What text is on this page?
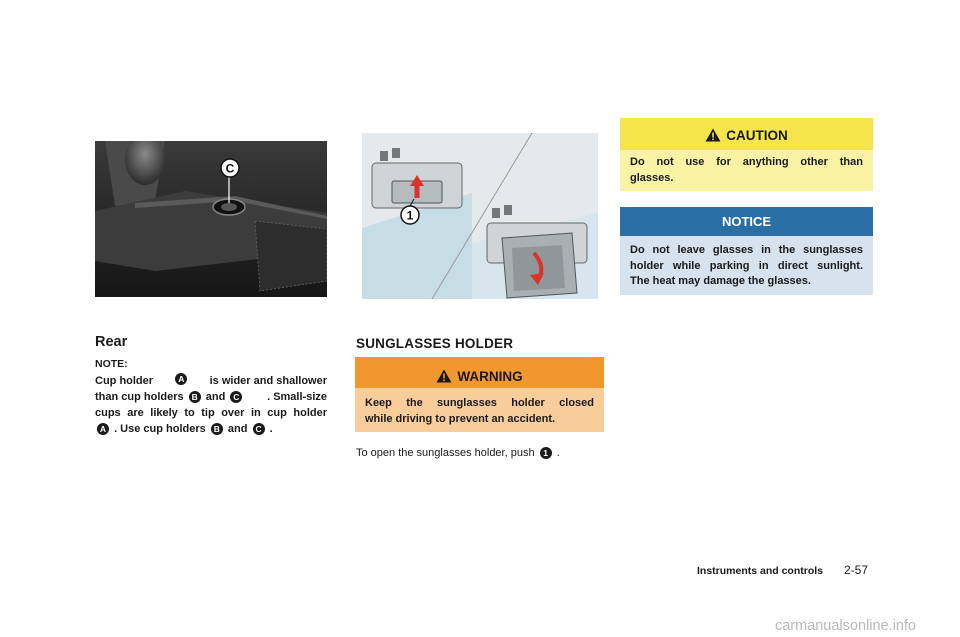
C
1
Rear
NOTE:
Cup holder	A is wider and shallower
than cup holders B and C	. Small-size
cups are likely to tip over in cup holder
A . Use cup holders B and C .
SUNGLASSES HOLDER
WARNING
Keep the sunglasses holder closed
while driving to prevent an accident.
To open the sunglasses holder, push 1 .
CAUTION
Do not use for anything other than
glasses.
NOTICE
Do not leave glasses in the sunglasses
holder while parking in direct sunlight.
The heat may damage the glasses.
Instruments and controls 2-57
carmanualsonline.info
